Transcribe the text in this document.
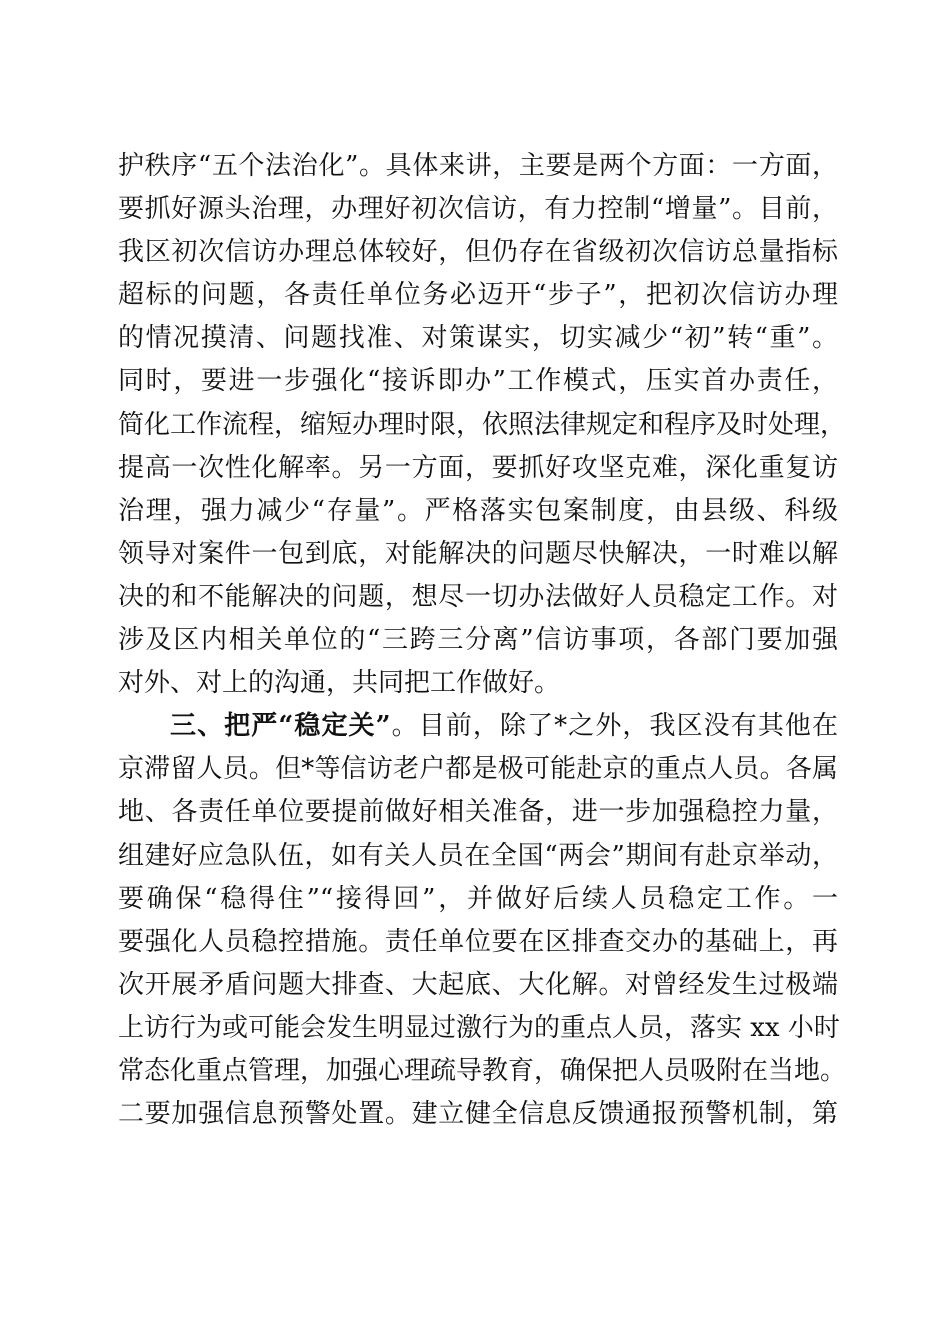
护秩序“五个法治化”。具体来讲，主要是两个方面：一方面，
要抓好源头治理，办理好初次信访，有力控制“增量”。目前，
我区初次信访办理总体较好，但仍存在省级初次信访总量指标
超标的问题，各责任单位务必迈开“步子”，把初次信访办理
的情况摸清、问题找准、对策谋实，切实减少“初”转“重”。
同时，要进一步强化“接诉即办”工作模式，压实首办责任，
简化工作流程，缩短办理时限，依照法律规定和程序及时处理，
提高一次性化解率。另一方面，要抓好攻坚克难，深化重复访
治理，强力减少“存量”。严格落实包案制度，由县级、科级
领导对案件一包到底，对能解决的问题尽快解决，一时难以解
决的和不能解决的问题，想尽一切办法做好人员稳定工作。对
涉及区内相关单位的“三跨三分离”信访事项，各部门要加强
对外、对上的沟通，共同把工作做好。
三、把严“稳定关”。目前，除了*之外，我区没有其他在
京滞留人员。但*等信访老户都是极可能赴京的重点人员。各属
地、各责任单位要提前做好相关准备，进一步加强稳控力量，
组建好应急队伍，如有关人员在全国“两会”期间有赴京举动，
要确保“稳得住”“接得回”，并做好后续人员稳定工作。一
要强化人员稳控措施。责任单位要在区排查交办的基础上，再
次开展矛盾问题大排查、大起底、大化解。对曾经发生过极端
上访行为或可能会发生明显过激行为的重点人员，落实 xx 小时
常态化重点管理，加强心理疏导教育，确保把人员吸附在当地。
二要加强信息预警处置。建立健全信息反馈通报预警机制，第
